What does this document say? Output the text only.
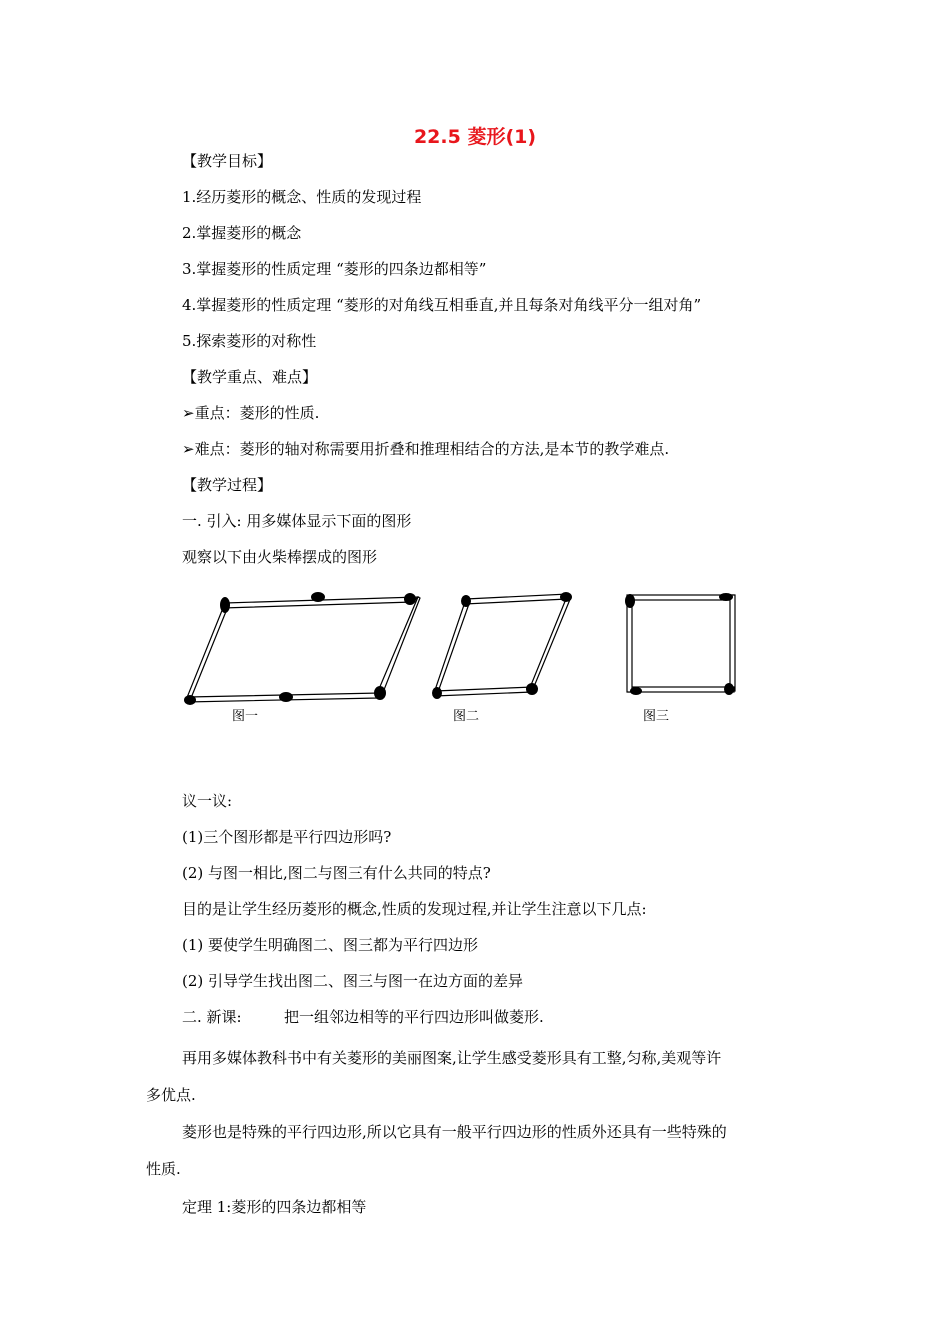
22.5 菱形(1)
【教学目标】
1.经历菱形的概念、性质的发现过程
2.掌握菱形的概念
3.掌握菱形的性质定理 “菱形的四条边都相等”
4.掌握菱形的性质定理 “菱形的对角线互相垂直,并且每条对角线平分一组对角”
5.探索菱形的对称性
【教学重点、难点】
➢重点：菱形的性质.
➢难点：菱形的轴对称需要用折叠和推理相结合的方法,是本节的教学难点.
【教学过程】
一. 引入: 用多媒体显示下面的图形
观察以下由火柴棒摆成的图形
图一	图二	图三
议一议:
(1)三个图形都是平行四边形吗?
(2) 与图一相比,图二与图三有什么共同的特点?
目的是让学生经历菱形的概念,性质的发现过程,并让学生注意以下几点:
(1) 要使学生明确图二、图三都为平行四边形
(2) 引导学生找出图二、图三与图一在边方面的差异
二. 新课:	把一组邻边相等的平行四边形叫做菱形.
再用多媒体教科书中有关菱形的美丽图案,让学生感受菱形具有工整,匀称,美观等许
多优点.
菱形也是特殊的平行四边形,所以它具有一般平行四边形的性质外还具有一些特殊的
性质.
定理 1:菱形的四条边都相等
